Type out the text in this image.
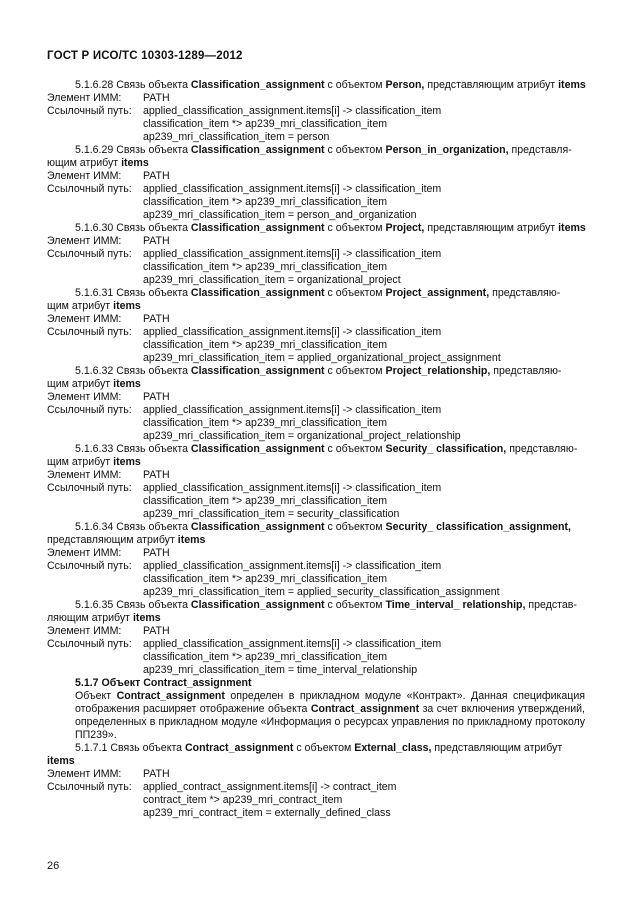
ГОСТ Р ИСО/ТС 10303-1289—2012
5.1.6.28 Связь объекта Classification_assignment с объектом Person, представляющим атрибут items
Элемент ИММ:	PATH
Ссылочный путь:	applied_classification_assignment.items[i] -> classification_item
classification_item *> ap239_mri_classification_item
ap239_mri_classification_item = person
5.1.6.29 Связь объекта Classification_assignment с объектом Person_in_organization, представля-
ющим атрибут items
Элемент ИММ:	PATH
Ссылочный путь:	applied_classification_assignment.items[i] -> classification_item
classification_item *> ap239_mri_classification_item
ap239_mri_classification_item = person_and_organization
5.1.6.30 Связь объекта Classification_assignment с объектом Project, представляющим атрибут items
Элемент ИММ:	PATH
Ссылочный путь:	applied_classification_assignment.items[i] -> classification_item
classification_item *> ap239_mri_classification_item
ap239_mri_classification_item = organizational_project
5.1.6.31 Связь объекта Classification_assignment с объектом Project_assignment, представляю-
щим атрибут items
Элемент ИММ:	PATH
Ссылочный путь:	applied_classification_assignment.items[i] -> classification_item
classification_item *> ap239_mri_classification_item
ap239_mri_classification_item = applied_organizational_project_assignment
5.1.6.32 Связь объекта Classification_assignment с объектом Project_relationship, представляю-
щим атрибут items
Элемент ИММ:	PATH
Ссылочный путь:	applied_classification_assignment.items[i] -> classification_item
classification_item *> ap239_mri_classification_item
ap239_mri_classification_item = organizational_project_relationship
5.1.6.33 Связь объекта Classification_assignment с объектом Security_ classification, представляю-
щим атрибут items
Элемент ИММ:	PATH
Ссылочный путь:	applied_classification_assignment.items[i] -> classification_item
classification_item *> ap239_mri_classification_item
ap239_mri_classification_item = security_classification
5.1.6.34 Связь объекта Classification_assignment с объектом Security_ classification_assignment,
представляющим атрибут items
Элемент ИММ:	PATH
Ссылочный путь:	applied_classification_assignment.items[i] -> classification_item
classification_item *> ap239_mri_classification_item
ap239_mri_classification_item = applied_security_classification_assignment
5.1.6.35 Связь объекта Classification_assignment с объектом Time_interval_ relationship, представ-
ляющим атрибут items
Элемент ИММ:	PATH
Ссылочный путь:	applied_classification_assignment.items[i] -> classification_item
classification_item *> ap239_mri_classification_item
ap239_mri_classification_item = time_interval_relationship
5.1.7 Объект Contract_assignment
Объект Contract_assignment определен в прикладном модуле «Контракт». Данная спецификация отображения расширяет отображение объекта Contract_assignment за счет включения утверждений, определенных в прикладном модуле «Информация о ресурсах управления по прикладному протоколу ПП239».
5.1.7.1 Связь объекта Contract_assignment с объектом External_class, представляющим атрибут
items
Элемент ИММ:	PATH
Ссылочный путь:	applied_contract_assignment.items[i] -> contract_item
contract_item *> ap239_mri_contract_item
ap239_mri_contract_item = externally_defined_class
26
